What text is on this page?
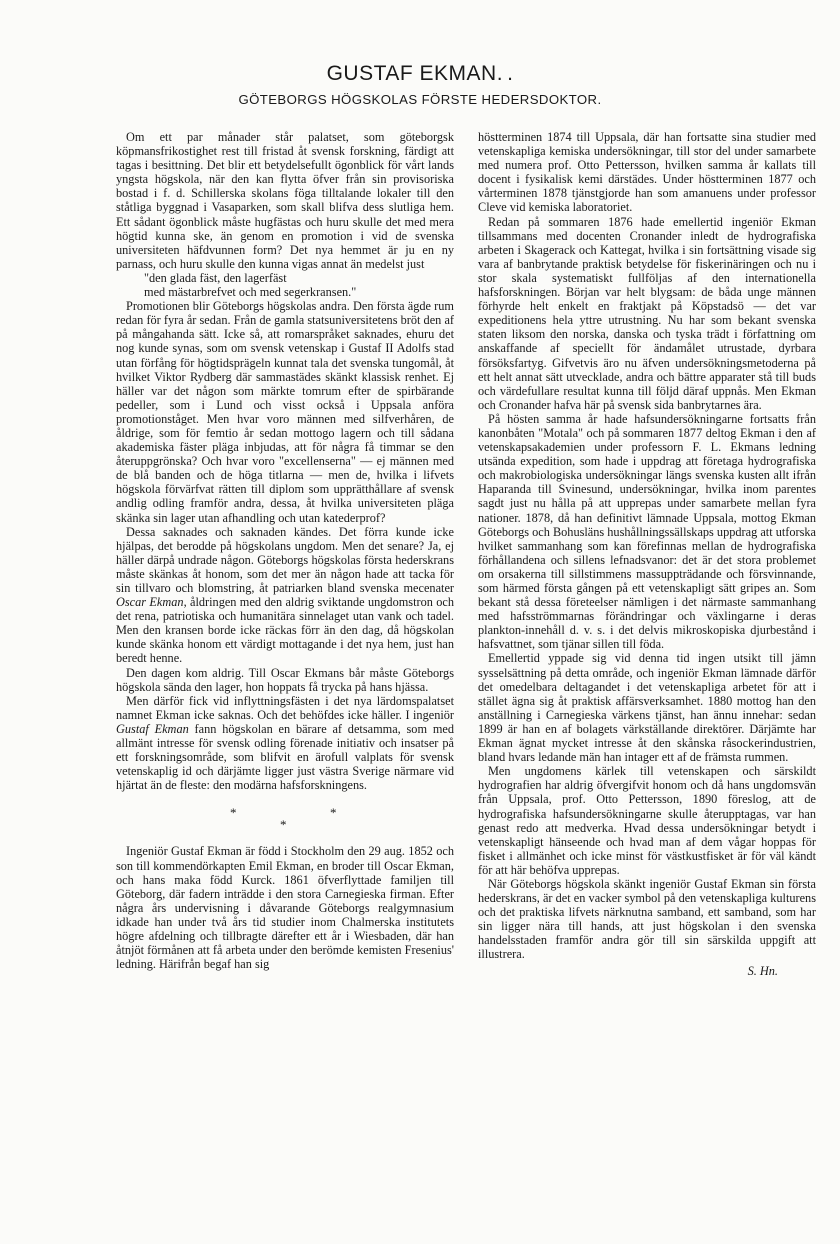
GUSTAF EKMAN. .
GÖTEBORGS HÖGSKOLAS FÖRSTE HEDERSDOKTOR.

Om ett par månader står palatset, som göteborgsk köpmansfrikostighet rest till fristad åt svensk forskning, färdigt att tagas i besittning. Det blir ett betydelsefullt ögonblick för vårt lands yngsta högskola, när den kan flytta öfver från sin provisoriska bostad i f. d. Schillerska skolans föga tilltalande lokaler till den ståtliga byggnad i Vasaparken, som skall blifva dess slutliga hem. Ett sådant ögonblick måste hugfästas och huru skulle det med mera högtid kunna ske, än genom en promotion i vid de svenska universiteten häfdvunnen form? Det nya hemmet är ju en ny parnass, och huru skulle den kunna vigas annat än medelst just

"den glada fäst, den lagerfäst
med mästarbrefvet och med segerkransen."

Promotionen blir Göteborgs högskolas andra. Den första ägde rum redan för fyra år sedan. Från de gamla statsuniversitetens bröt den af på mångahanda sätt. Icke så, att romarspråket saknades, ehuru det nog kunde synas, som om svensk vetenskap i Gustaf II Adolfs stad utan förfång för högtidsprägeln kunnat tala det svenska tungomål, åt hvilket Viktor Rydberg där sammastädes skänkt klassisk renhet. Ej häller var det någon som märkte tomrum efter de spirbärande pedeller, som i Lund och visst också i Uppsala anföra promotionståget. Men hvar voro männen med silfverhåren, de åldrige, som för femtio år sedan mottogo lagern och till sådana akademiska fäster pläga inbjudas, att för några få timmar se den återuppgrönska? Och hvar voro "excellenserna" — ej männen med de blå banden och de höga titlarna — men de, hvilka i lifvets högskola förvärfvat rätten till diplom som upprätthållare af svensk andlig odling framför andra, dessa, åt hvilka universiteten pläga skänka sin lager utan afhandling och utan katederprof?

Dessa saknades och saknaden kändes. Det förra kunde icke hjälpas, det berodde på högskolans ungdom. Men det senare? Ja, ej häller därpå undrade någon. Göteborgs högskolas första hederskrans måste skänkas åt honom, som det mer än någon hade att tacka för sin tillvaro och blomstring, åt patriarken bland svenska mecenater Oscar Ekman, åldringen med den aldrig sviktande ungdomstron och det rena, patriotiska och humanitära sinnelaget utan vank och tadel. Men den kransen borde icke räckas förr än den dag, då högskolan kunde skänka honom ett värdigt mottagande i det nya hem, just han beredt henne.

Den dagen kom aldrig. Till Oscar Ekmans bår måste Göteborgs högskola sända den lager, hon hoppats få trycka på hans hjässa.

Men därför fick vid inflyttningsfästen i det nya lärdomspalatset namnet Ekman icke saknas. Och det behöfdes icke häller. I ingeniör Gustaf Ekman fann högskolan en bärare af detsamma, som med allmänt intresse för svensk odling förenade initiativ och insatser på ett forskningsområde, som blifvit en ärofull valplats för svensk vetenskaplig id och därjämte ligger just västra Sverige närmare vid hjärtat än de fleste: den modärna hafsforskningens.

*	*
*

Ingeniör Gustaf Ekman är född i Stockholm den 29 aug. 1852 och son till kommendörkapten Emil Ekman, en broder till Oscar Ekman, och hans maka född Kurck. 1861 öfverflyttade familjen till Göteborg, där fadern inträdde i den stora Carnegieska firman. Efter några års undervisning i dåvarande Göteborgs realgymnasium idkade han under två års tid studier inom Chalmerska institutets högre afdelning och tillbragte därefter ett år i Wiesbaden, där han åtnjöt förmånen att få arbeta under den berömde kemisten Fresenius' ledning. Härifrån begaf han sig

höstterminen 1874 till Uppsala, där han fortsatte sina studier med vetenskapliga kemiska undersökningar, till stor del under samarbete med numera prof. Otto Pettersson, hvilken samma år kallats till docent i fysikalisk kemi därstädes. Under höstterminen 1877 och vårterminen 1878 tjänstgjorde han som amanuens under professor Cleve vid kemiska laboratoriet.

Redan på sommaren 1876 hade emellertid ingeniör Ekman tillsammans med docenten Cronander inledt de hydrografiska arbeten i Skagerack och Kattegat, hvilka i sin fortsättning visade sig vara af banbrytande praktisk betydelse för fiskerinäringen och nu i stor skala systematiskt fullföljas af den internationella hafsforskningen. Början var helt blygsam: de båda unge männen förhyrde helt enkelt en fraktjakt på Köpstadsö — det var expeditionens hela yttre utrustning. Nu har som bekant svenska staten liksom den norska, danska och tyska trädt i författning om anskaffande af speciellt för ändamålet utrustade, dyrbara försöksfartyg. Gifvetvis äro nu äfven undersökningsmetoderna på ett helt annat sätt utvecklade, andra och bättre apparater stå till buds och värdefullare resultat kunna till följd däraf uppnås. Men Ekman och Cronander hafva här på svensk sida banbrytarnes ära.

På hösten samma år hade hafsundersökningarne fortsatts från kanonbåten "Motala" och på sommaren 1877 deltog Ekman i den af vetenskapsakademien under professorn F. L. Ekmans ledning utsända expedition, som hade i uppdrag att företaga hydrografiska och makrobiologiska undersökningar längs svenska kusten allt ifrån Haparanda till Svinesund, undersökningar, hvilka inom parentes sagdt just nu hålla på att upprepas under samarbete mellan fyra nationer. 1878, då han definitivt lämnade Uppsala, mottog Ekman Göteborgs och Bohusläns hushållningssällskaps uppdrag att utforska hvilket sammanhang som kan förefinnas mellan de hydrografiska förhållandena och sillens lefnadsvanor: det är det stora problemet om orsakerna till sillstimmens massuppträdande och försvinnande, som härmed första gången på ett vetenskapligt sätt gripes an. Som bekant stå dessa företeelser nämligen i det närmaste sammanhang med hafsströmmarnas förändringar och växlingarne i deras plankton-innehåll d. v. s. i det delvis mikroskopiska djurbestånd i hafsvattnet, som tjänar sillen till föda.

Emellertid yppade sig vid denna tid ingen utsikt till jämn sysselsättning på detta område, och ingeniör Ekman lämnade därför det omedelbara deltagandet i det vetenskapliga arbetet för att i stället ägna sig åt praktisk affärsverksamhet. 1880 mottog han den anställning i Carnegieska värkens tjänst, han ännu innehar: sedan 1899 är han en af bolagets värkställande direktörer. Därjämte har Ekman ägnat mycket intresse åt den skånska råsockerindustrien, bland hvars ledande män han intager ett af de främsta rummen.

Men ungdomens kärlek till vetenskapen och särskildt hydrografien har aldrig öfvergifvit honom och då hans ungdomsvän från Uppsala, prof. Otto Pettersson, 1890 föreslog, att de hydrografiska hafsundersökningarne skulle återupptagas, var han genast redo att medverka. Hvad dessa undersökningar betydt i vetenskapligt hänseende och hvad man af dem vågar hoppas för fisket i allmänhet och icke minst för västkustfisket är för väl kändt för att här behöfva upprepas.

När Göteborgs högskola skänkt ingeniör Gustaf Ekman sin första hederskrans, är det en vacker symbol på den vetenskapliga kulturens och det praktiska lifvets närknutna samband, ett samband, som har sin ligger nära till hands, att just högskolan i den svenska handelsstaden framför andra gör till sin särskilda uppgift att illustrera.

S. Hn.
